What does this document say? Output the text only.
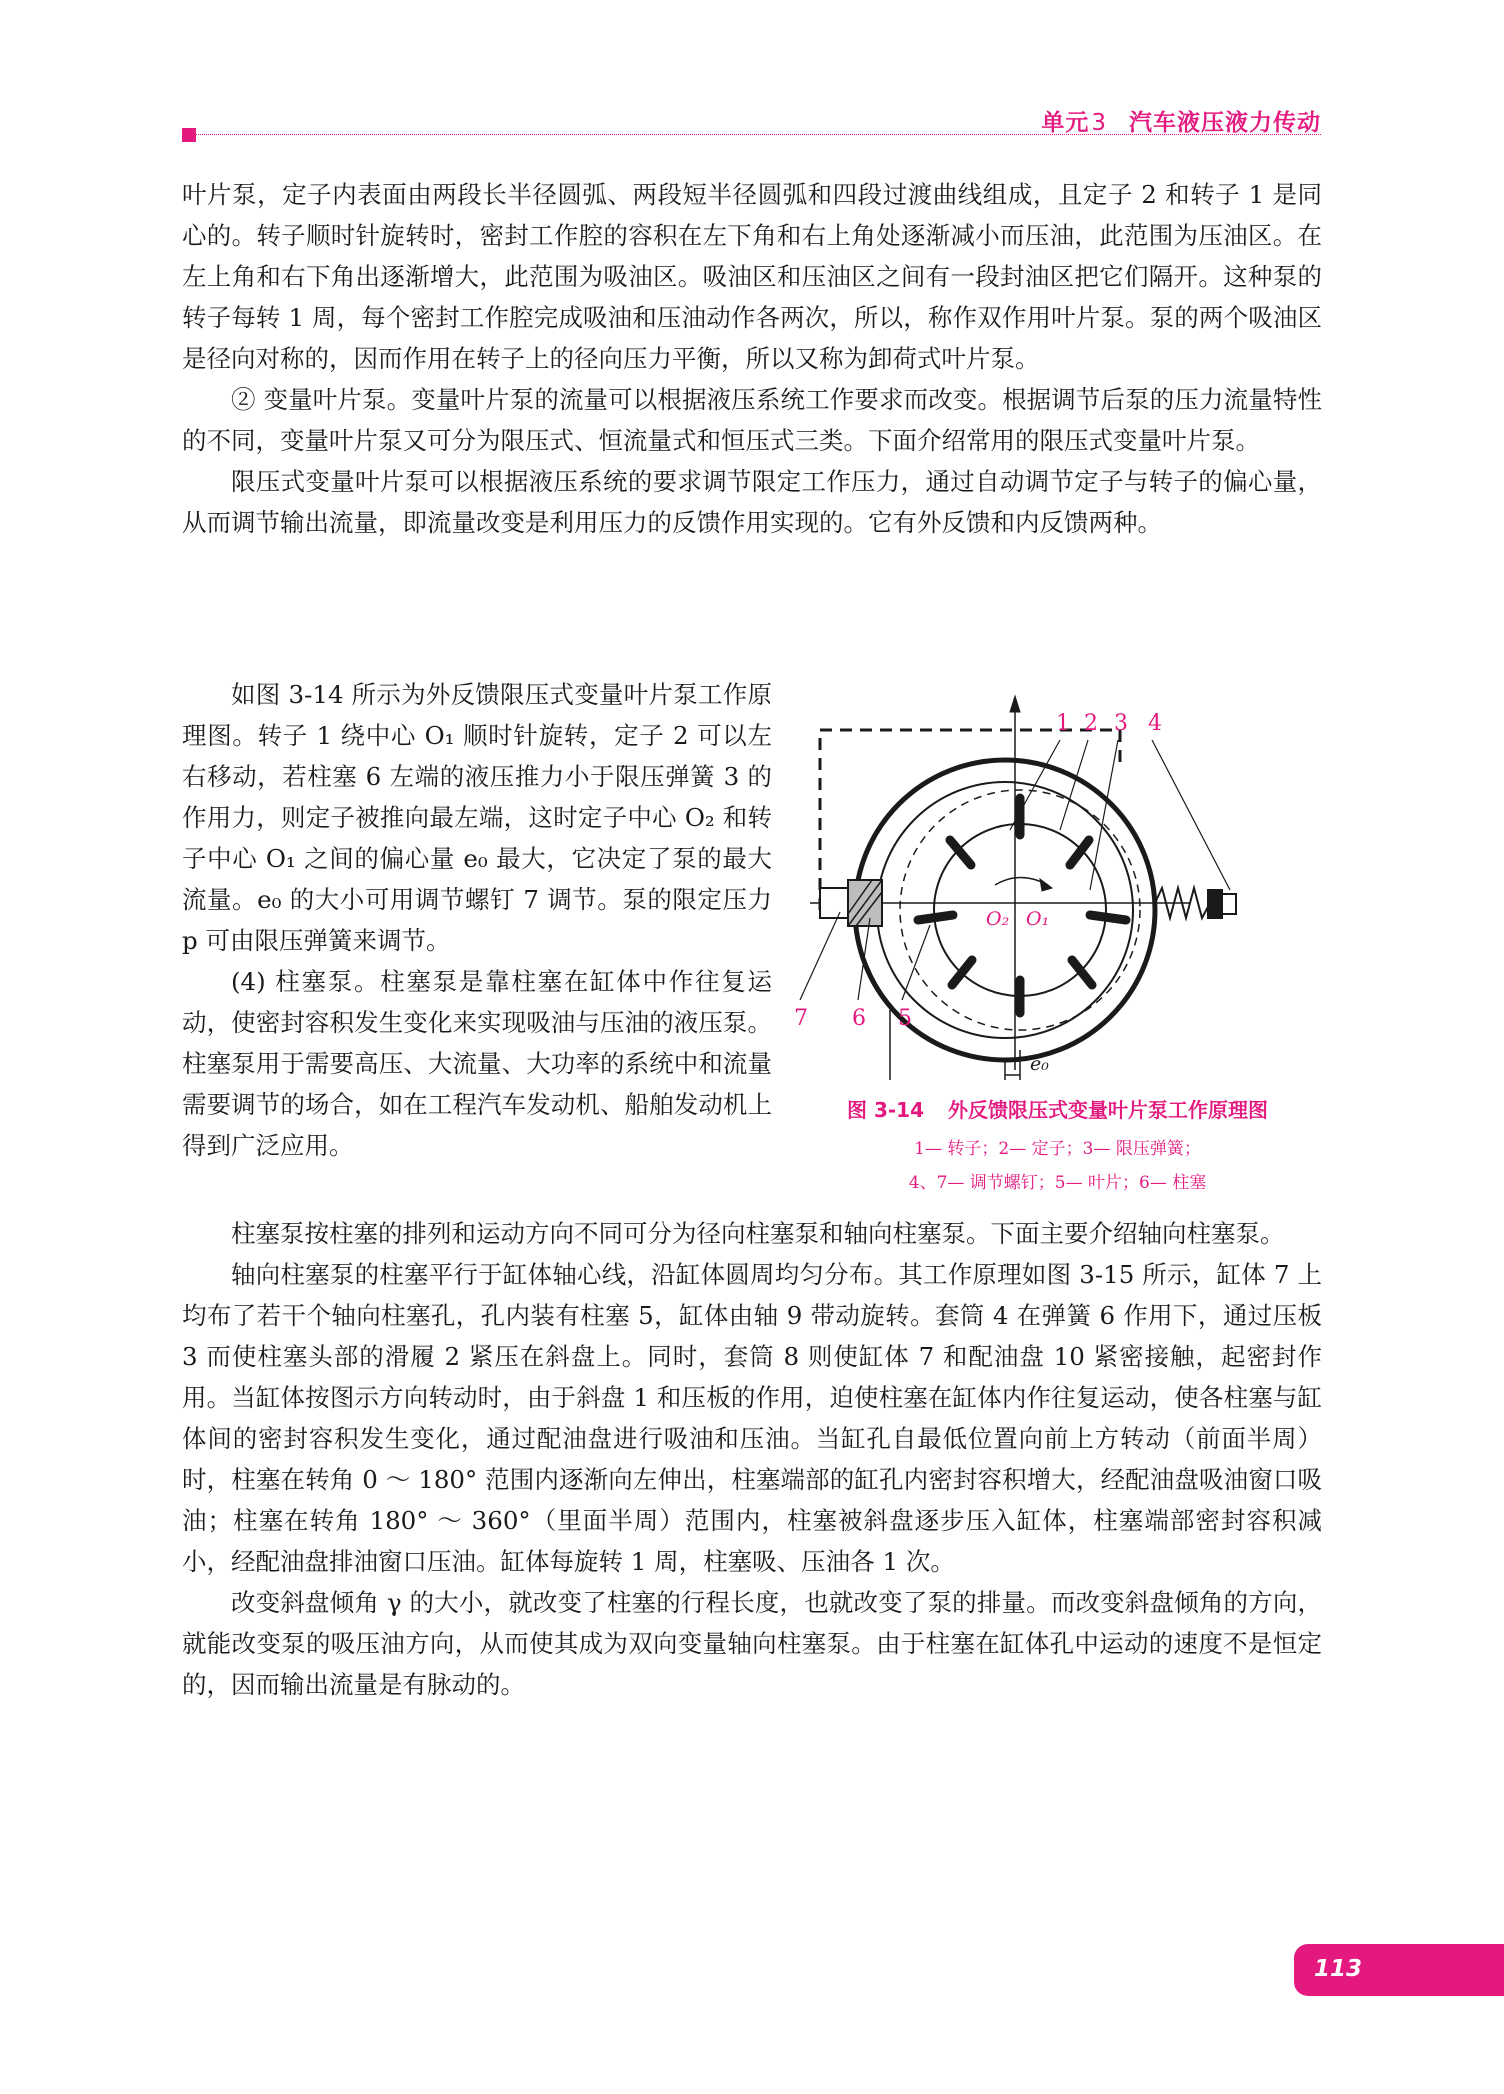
单元3 汽车液压液力传动

叶片泵，定子内表面由两段长半径圆弧、两段短半径圆弧和四段过渡曲线组成，且定子 2 和转子 1 是同心的。转子顺时针旋转时，密封工作腔的容积在左下角和右上角处逐渐减小而压油，此范围为压油区。在左上角和右下角出逐渐增大，此范围为吸油区。吸油区和压油区之间有一段封油区把它们隔开。这种泵的转子每转 1 周，每个密封工作腔完成吸油和压油动作各两次，所以，称作双作用叶片泵。泵的两个吸油区是径向对称的，因而作用在转子上的径向压力平衡，所以又称为卸荷式叶片泵。

② 变量叶片泵。变量叶片泵的流量可以根据液压系统工作要求而改变。根据调节后泵的压力流量特性的不同，变量叶片泵又可分为限压式、恒流量式和恒压式三类。下面介绍常用的限压式变量叶片泵。

限压式变量叶片泵可以根据液压系统的要求调节限定工作压力，通过自动调节定子与转子的偏心量，从而调节输出流量，即流量改变是利用压力的反馈作用实现的。它有外反馈和内反馈两种。

如图 3-14 所示为外反馈限压式变量叶片泵工作原理图。转子 1 绕中心 O₁ 顺时针旋转，定子 2 可以左右移动，若柱塞 6 左端的液压推力小于限压弹簧 3 的作用力，则定子被推向最左端，这时定子中心 O₂ 和转子中心 O₁ 之间的偏心量 e₀ 最大，它决定了泵的最大流量。e₀ 的大小可用调节螺钉 7 调节。泵的限定压力 p 可由限压弹簧来调节。

(4) 柱塞泵。柱塞泵是靠柱塞在缸体中作往复运动，使密封容积发生变化来实现吸油与压油的液压泵。柱塞泵用于需要高压、大流量、大功率的系统中和流量需要调节的场合，如在工程汽车发动机、船舶发动机上得到广泛应用。

1 2 3 4
5
6
7
O₂ O₁
e₀
图 3-14 外反馈限压式变量叶片泵工作原理图
1— 转子；2— 定子；3— 限压弹簧；
4、7— 调节螺钉；5— 叶片；6— 柱塞

柱塞泵按柱塞的排列和运动方向不同可分为径向柱塞泵和轴向柱塞泵。下面主要介绍轴向柱塞泵。

轴向柱塞泵的柱塞平行于缸体轴心线，沿缸体圆周均匀分布。其工作原理如图 3-15 所示，缸体 7 上均布了若干个轴向柱塞孔，孔内装有柱塞 5，缸体由轴 9 带动旋转。套筒 4 在弹簧 6 作用下，通过压板 3 而使柱塞头部的滑履 2 紧压在斜盘上。同时，套筒 8 则使缸体 7 和配油盘 10 紧密接触，起密封作用。当缸体按图示方向转动时，由于斜盘 1 和压板的作用，迫使柱塞在缸体内作往复运动，使各柱塞与缸体间的密封容积发生变化，通过配油盘进行吸油和压油。当缸孔自最低位置向前上方转动（前面半周）时，柱塞在转角 0 ～ 180° 范围内逐渐向左伸出，柱塞端部的缸孔内密封容积增大，经配油盘吸油窗口吸油；柱塞在转角 180° ～ 360°（里面半周）范围内，柱塞被斜盘逐步压入缸体，柱塞端部密封容积减小，经配油盘排油窗口压油。缸体每旋转 1 周，柱塞吸、压油各 1 次。

改变斜盘倾角 γ 的大小，就改变了柱塞的行程长度，也就改变了泵的排量。而改变斜盘倾角的方向，就能改变泵的吸压油方向，从而使其成为双向变量轴向柱塞泵。由于柱塞在缸体孔中运动的速度不是恒定的，因而输出流量是有脉动的。

113
